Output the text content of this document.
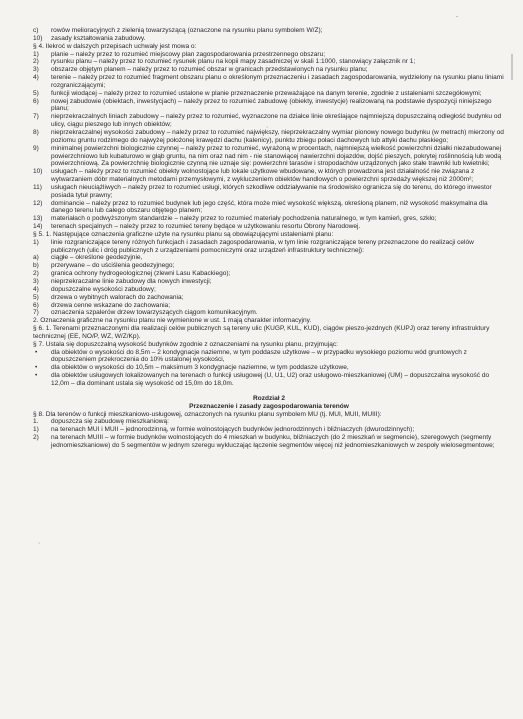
-
·
·
c)	rowów melioracyjnych z zielenią towarzyszącą (oznaczone na rysunku planu symbolem W/Z);
10)	zasady kształtowania zabudowy.

§ 4. Ilekroć w dalszych przepisach uchwały jest mowa o:

1)	planie – należy przez to rozumieć miejscowy plan zagospodarowania przestrzennego obszaru;
2)	rysunku planu – należy przez to rozumieć rysunek planu na kopii mapy zasadniczej w skali 1:1000, stanowiący załącznik nr 1;
3)	obszarze objętym planem – należy przez to rozumieć obszar w granicach przedstawionych na rysunku planu;
4)	terenie – należy przez to rozumieć fragment obszaru planu o określonym przeznaczeniu i zasadach zagospodarowania, wydzielony na rysunku planu liniami rozgraniczającymi;
5)	funkcji wiodącej – należy przez to rozumieć ustalone w planie przeznaczenie przeważające na danym terenie, zgodnie z ustaleniami szczegółowymi;
6)	nowej zabudowie (obiektach, inwestycjach) – należy przez to rozumieć zabudowę (obiekty, inwestycje) realizowaną na podstawie dyspozycji niniejszego planu;
7)	nieprzekraczalnych liniach zabudowy – należy przez to rozumieć, wyznaczone na działce linie określające najmniejszą dopuszczalną odległość budynku od ulicy, ciągu pieszego lub innych obiektów;
8)	nieprzekraczalnej wysokości zabudowy – należy przez to rozumieć największy, nieprzekraczalny wymiar pionowy nowego budynku (w metrach) mierzony od poziomu gruntu rodzimego do najwyżej położonej krawędzi dachu (kalenicy), punktu zbiegu połaci dachowych lub attyki dachu płaskiego;
9)	minimalnej powierzchni biologicznie czynnej – należy przez to rozumieć, wyrażoną w procentach, najmniejszą wielkość powierzchni działki niezabudowanej powierzchniowo lub kubaturowo w głąb gruntu, na nim oraz nad nim - nie stanowiącej nawierzchni dojazdów, dojść pieszych, pokrytej roślinnością lub wodą powierzchniową. Za powierzchnię biologicznie czynną nie uznaje się: powierzchni tarasów i stropodachów urządzonych jako stałe trawniki lub kwietniki;
10)	usługach – należy przez to rozumieć obiekty wolnostojące lub lokale użytkowe wbudowane, w których prowadzona jest działalność nie związana z wytwarzaniem dóbr materialnych metodami przemysłowymi, z wykluczeniem obiektów handlowych o powierzchni sprzedaży większej niż 2000m²;
11)	usługach nieuciążliwych – należy przez to rozumieć usługi, których szkodliwe oddziaływanie na środowisko ograniczа się do terenu, do którego inwestor posiada tytuł prawny;
12)	dominancie – należy przez to rozumieć budynek lub jego część, która może mieć wysokość większą, określoną planem, niż wysokość maksymalna dla danego terenu lub całego obszaru objętego planem;
13)	materiałach o podwyższonym standardzie – należy przez to rozumieć materiały pochodzenia naturalnego, w tym kamień, gres, szkło;
14)	terenach specjalnych – należy przez to rozumieć tereny będące w użytkowaniu resortu Obrony Narodowej.

§ 5. 1. Następujące oznaczenia graficzne użyte na rysunku planu są obowiązującymi ustaleniami planu:

1)	linie rozgraniczające tereny różnych funkcjach i zasadach zagospodarowania, w tym linie rozgraniczające tereny przeznaczone do realizacji celów publicznych (ulic i dróg publicznych z urządzeniami pomocniczymi oraz urządzeń infrastruktury technicznej):
a)	ciągłe – określone geodezyjnie,
b)	przerywane – do uściślenia geodezyjnego;
2)	granica ochrony hydrogeologicznej (zlewni Lasu Kabackiego);
3)	nieprzekraczalne linie zabudowy dla nowych inwestycji;
4)	dopuszczalne wysokości zabudowy;
5)	drzewa o wybitnych walorach do zachowania;
6)	drzewa cenne wskazane do zachowania;
7)	oznaczenia szpalerów drzew towarzyszących ciągom komunikacyjnym.

2. Oznaczenia graficzne na rysunku planu nie wymienione w ust. 1 mają charakter informacyjny.

§ 6. 1. Terenami przeznaczonymi dla realizacji celów publicznych są tereny ulic (KUGP, KUL, KUD), ciągów pieszo-jezdnych (KUPJ) oraz tereny infrastruktury technicznej (EE, NO/P, WZ, W/Z/Kp).

§ 7. Ustala się dopuszczalną wysokość budynków zgodnie z oznaczeniami na rysunku planu, przyjmując:

•	dla obiektów o wysokości do 8,5m – 2 kondygnacje naziemne, w tym poddasze użytkowe – w przypadku wysokiego poziomu wód gruntowych z dopuszczeniem przekroczenia do 10% ustalonej wysokości,
•	dla obiektów o wysokości do 10,5m – maksimum 3 kondygnacje naziemne, w tym poddasze użytkowe,
•	dla obiektów usługowych lokalizowanych na terenach o funkcji usługowej (U, U1, U2) oraz usługowo-mieszkaniowej (UM) – dopuszczalna wysokość do 12,0m – dla dominant ustala się wysokość od 15,0m do 18,0m.

Rozdział 2

Przeznaczenie i zasady zagospodarowania terenów

§ 8. Dla terenów o funkcji mieszkaniowo-usługowej, oznaczonych na rysunku planu symbolem MU (tj. MUI, MUII, MUIII):

1.	dopuszcza się zabudowę mieszkaniową:
1)	na terenach MUI i MUII – jednorodzinną, w formie wolnostojących budynków jednorodzinnych i bliźniaczych (dwurodzinnych);
2)	na terenach MUIII – w formie budynków wolnostojących do 4 mieszkań w budynku, bliźniaczych (do 2 mieszkań w segmencie), szeregowych (segmenty jednomieszkaniowe) do 5 segmentów w jednym szeregu wykluczając łączenie segmentów więcej niż jednomieszkaniowych w zespoły wielosegmentowe;
